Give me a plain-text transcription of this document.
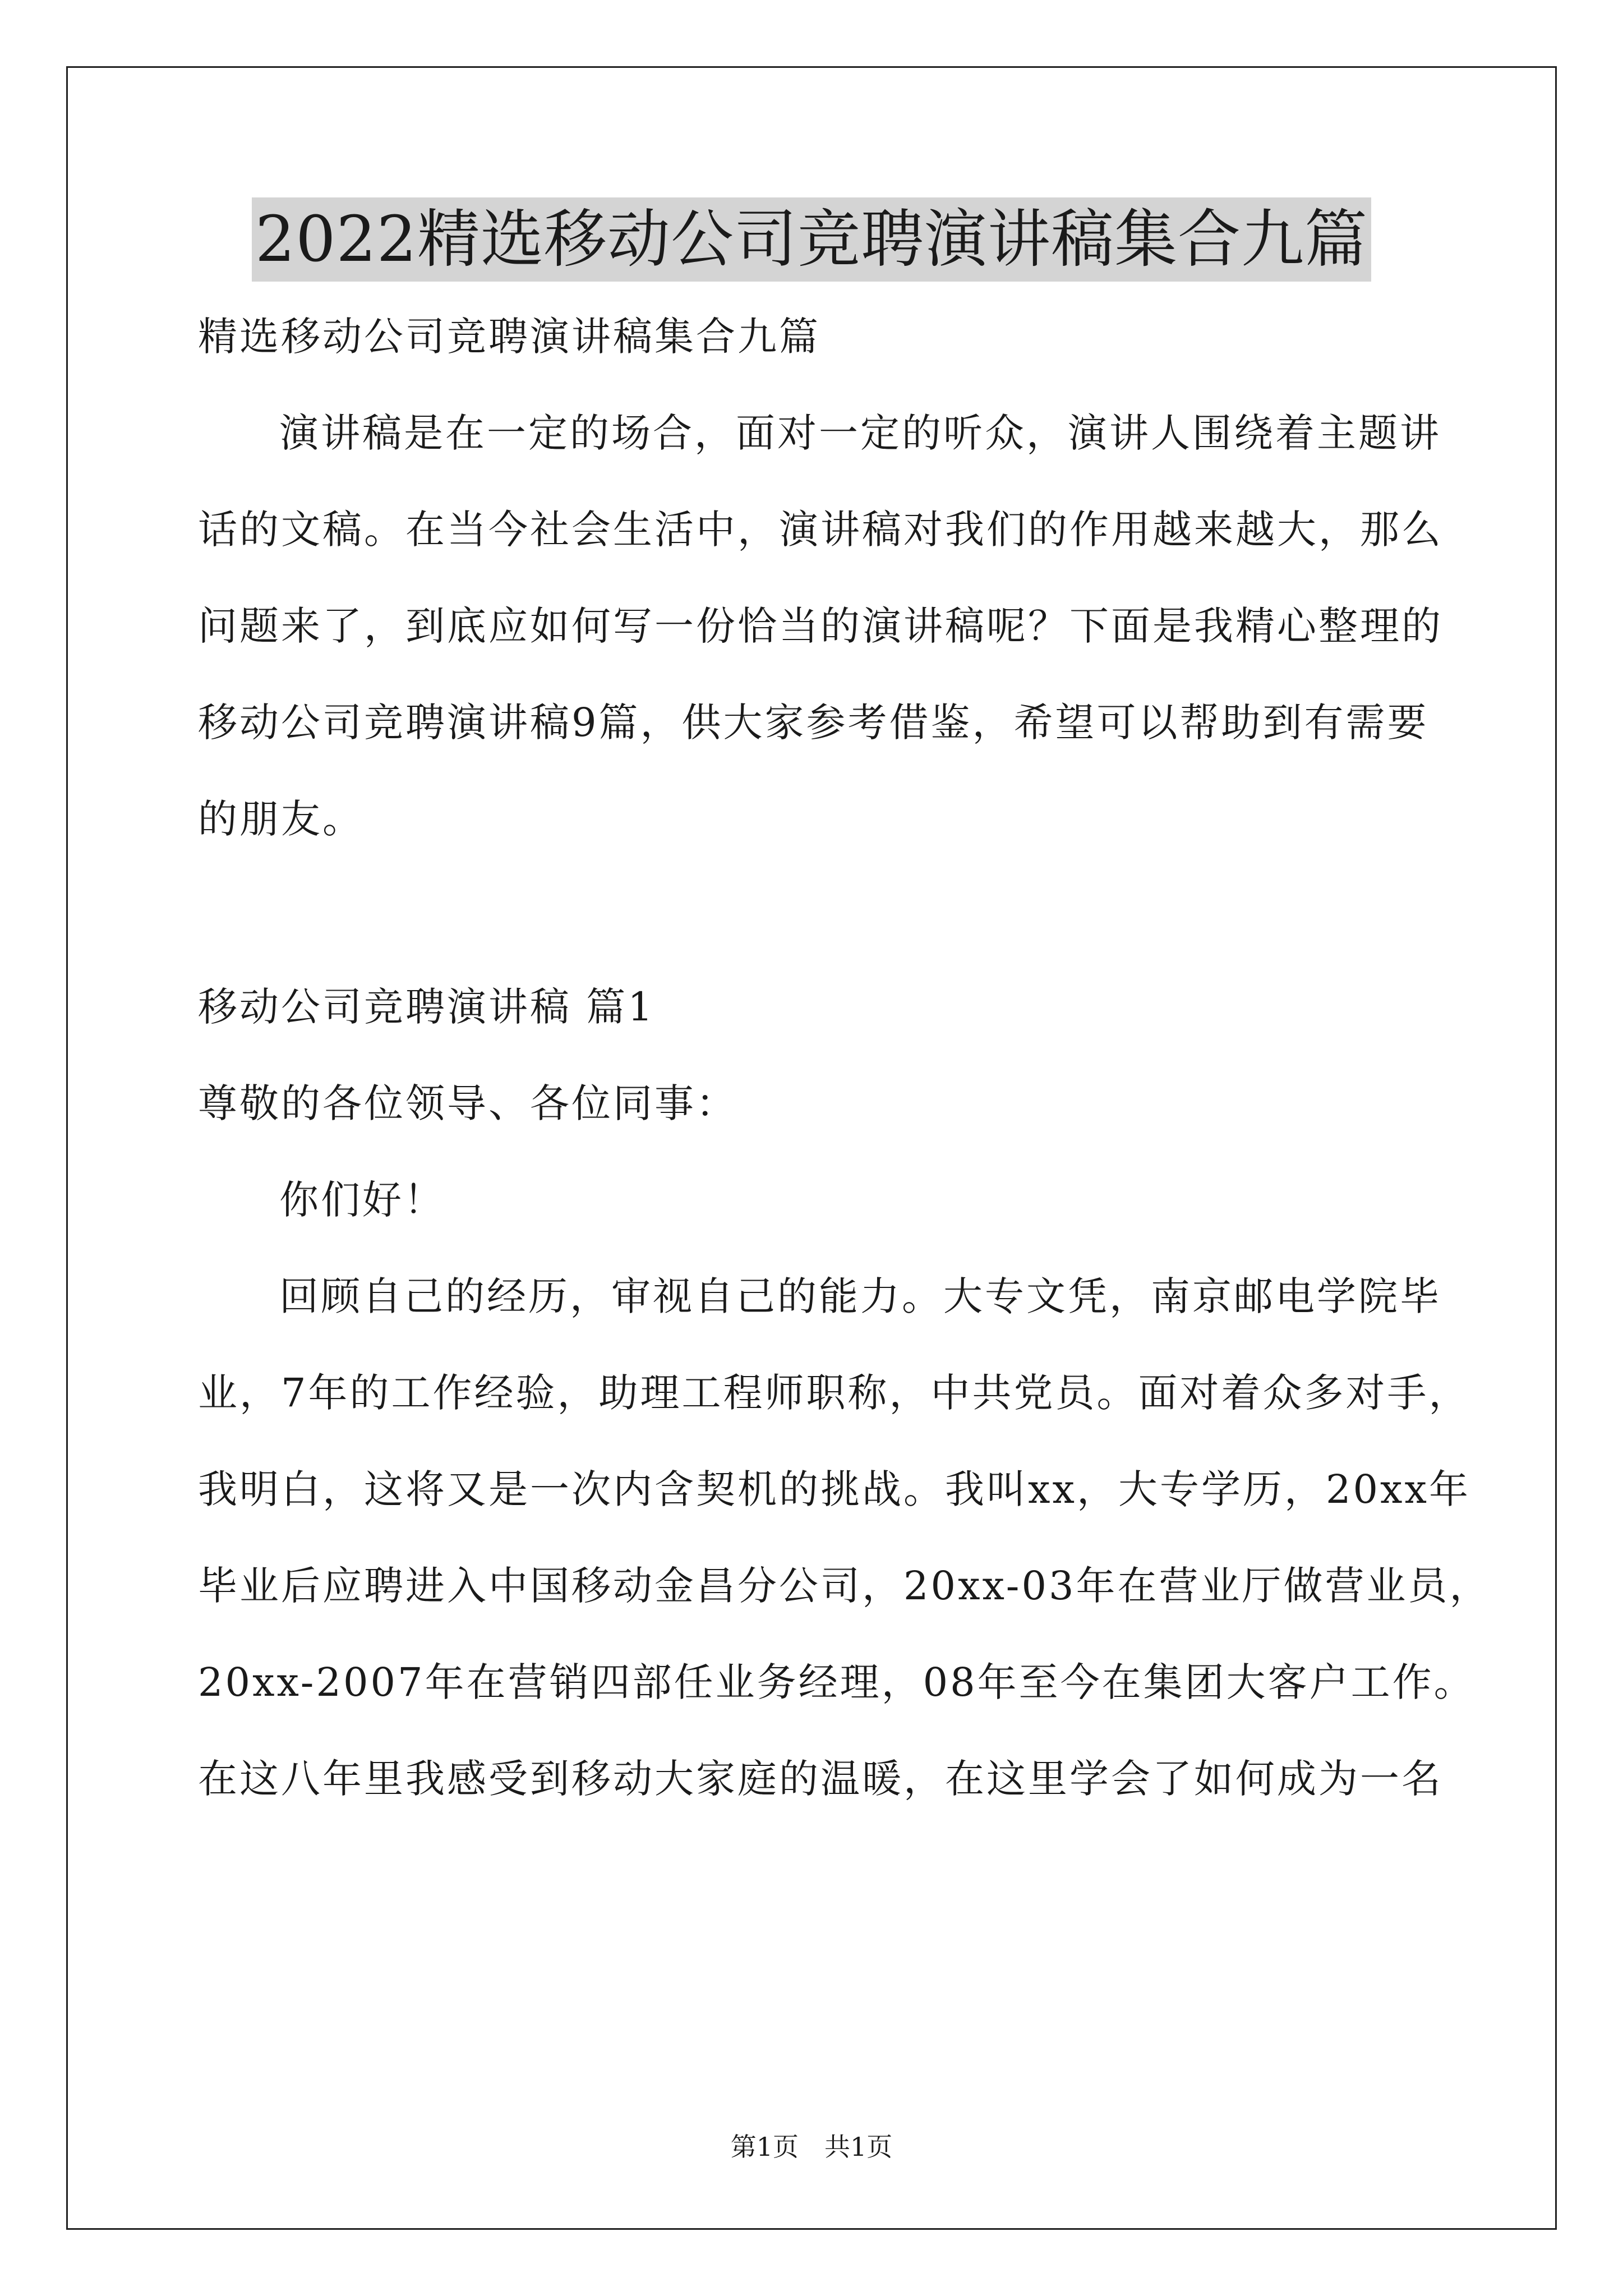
2022精选移动公司竞聘演讲稿集合九篇
精选移动公司竞聘演讲稿集合九篇
演讲稿是在一定的场合，面对一定的听众，演讲人围绕着主题讲
话的文稿。在当今社会生活中，演讲稿对我们的作用越来越大，那么
问题来了，到底应如何写一份恰当的演讲稿呢？下面是我精心整理的
移动公司竞聘演讲稿9篇，供大家参考借鉴，希望可以帮助到有需要
的朋友。
移动公司竞聘演讲稿 篇1
尊敬的各位领导、各位同事：
你们好！
回顾自己的经历，审视自己的能力。大专文凭，南京邮电学院毕
业，7年的工作经验，助理工程师职称，中共党员。面对着众多对手，
我明白，这将又是一次内含契机的挑战。我叫xx，大专学历，20xx年
毕业后应聘进入中国移动金昌分公司，20xx-03年在营业厅做营业员，
20xx-2007年在营销四部任业务经理，08年至今在集团大客户工作。
在这八年里我感受到移动大家庭的温暖，在这里学会了如何成为一名
第1页　共1页
